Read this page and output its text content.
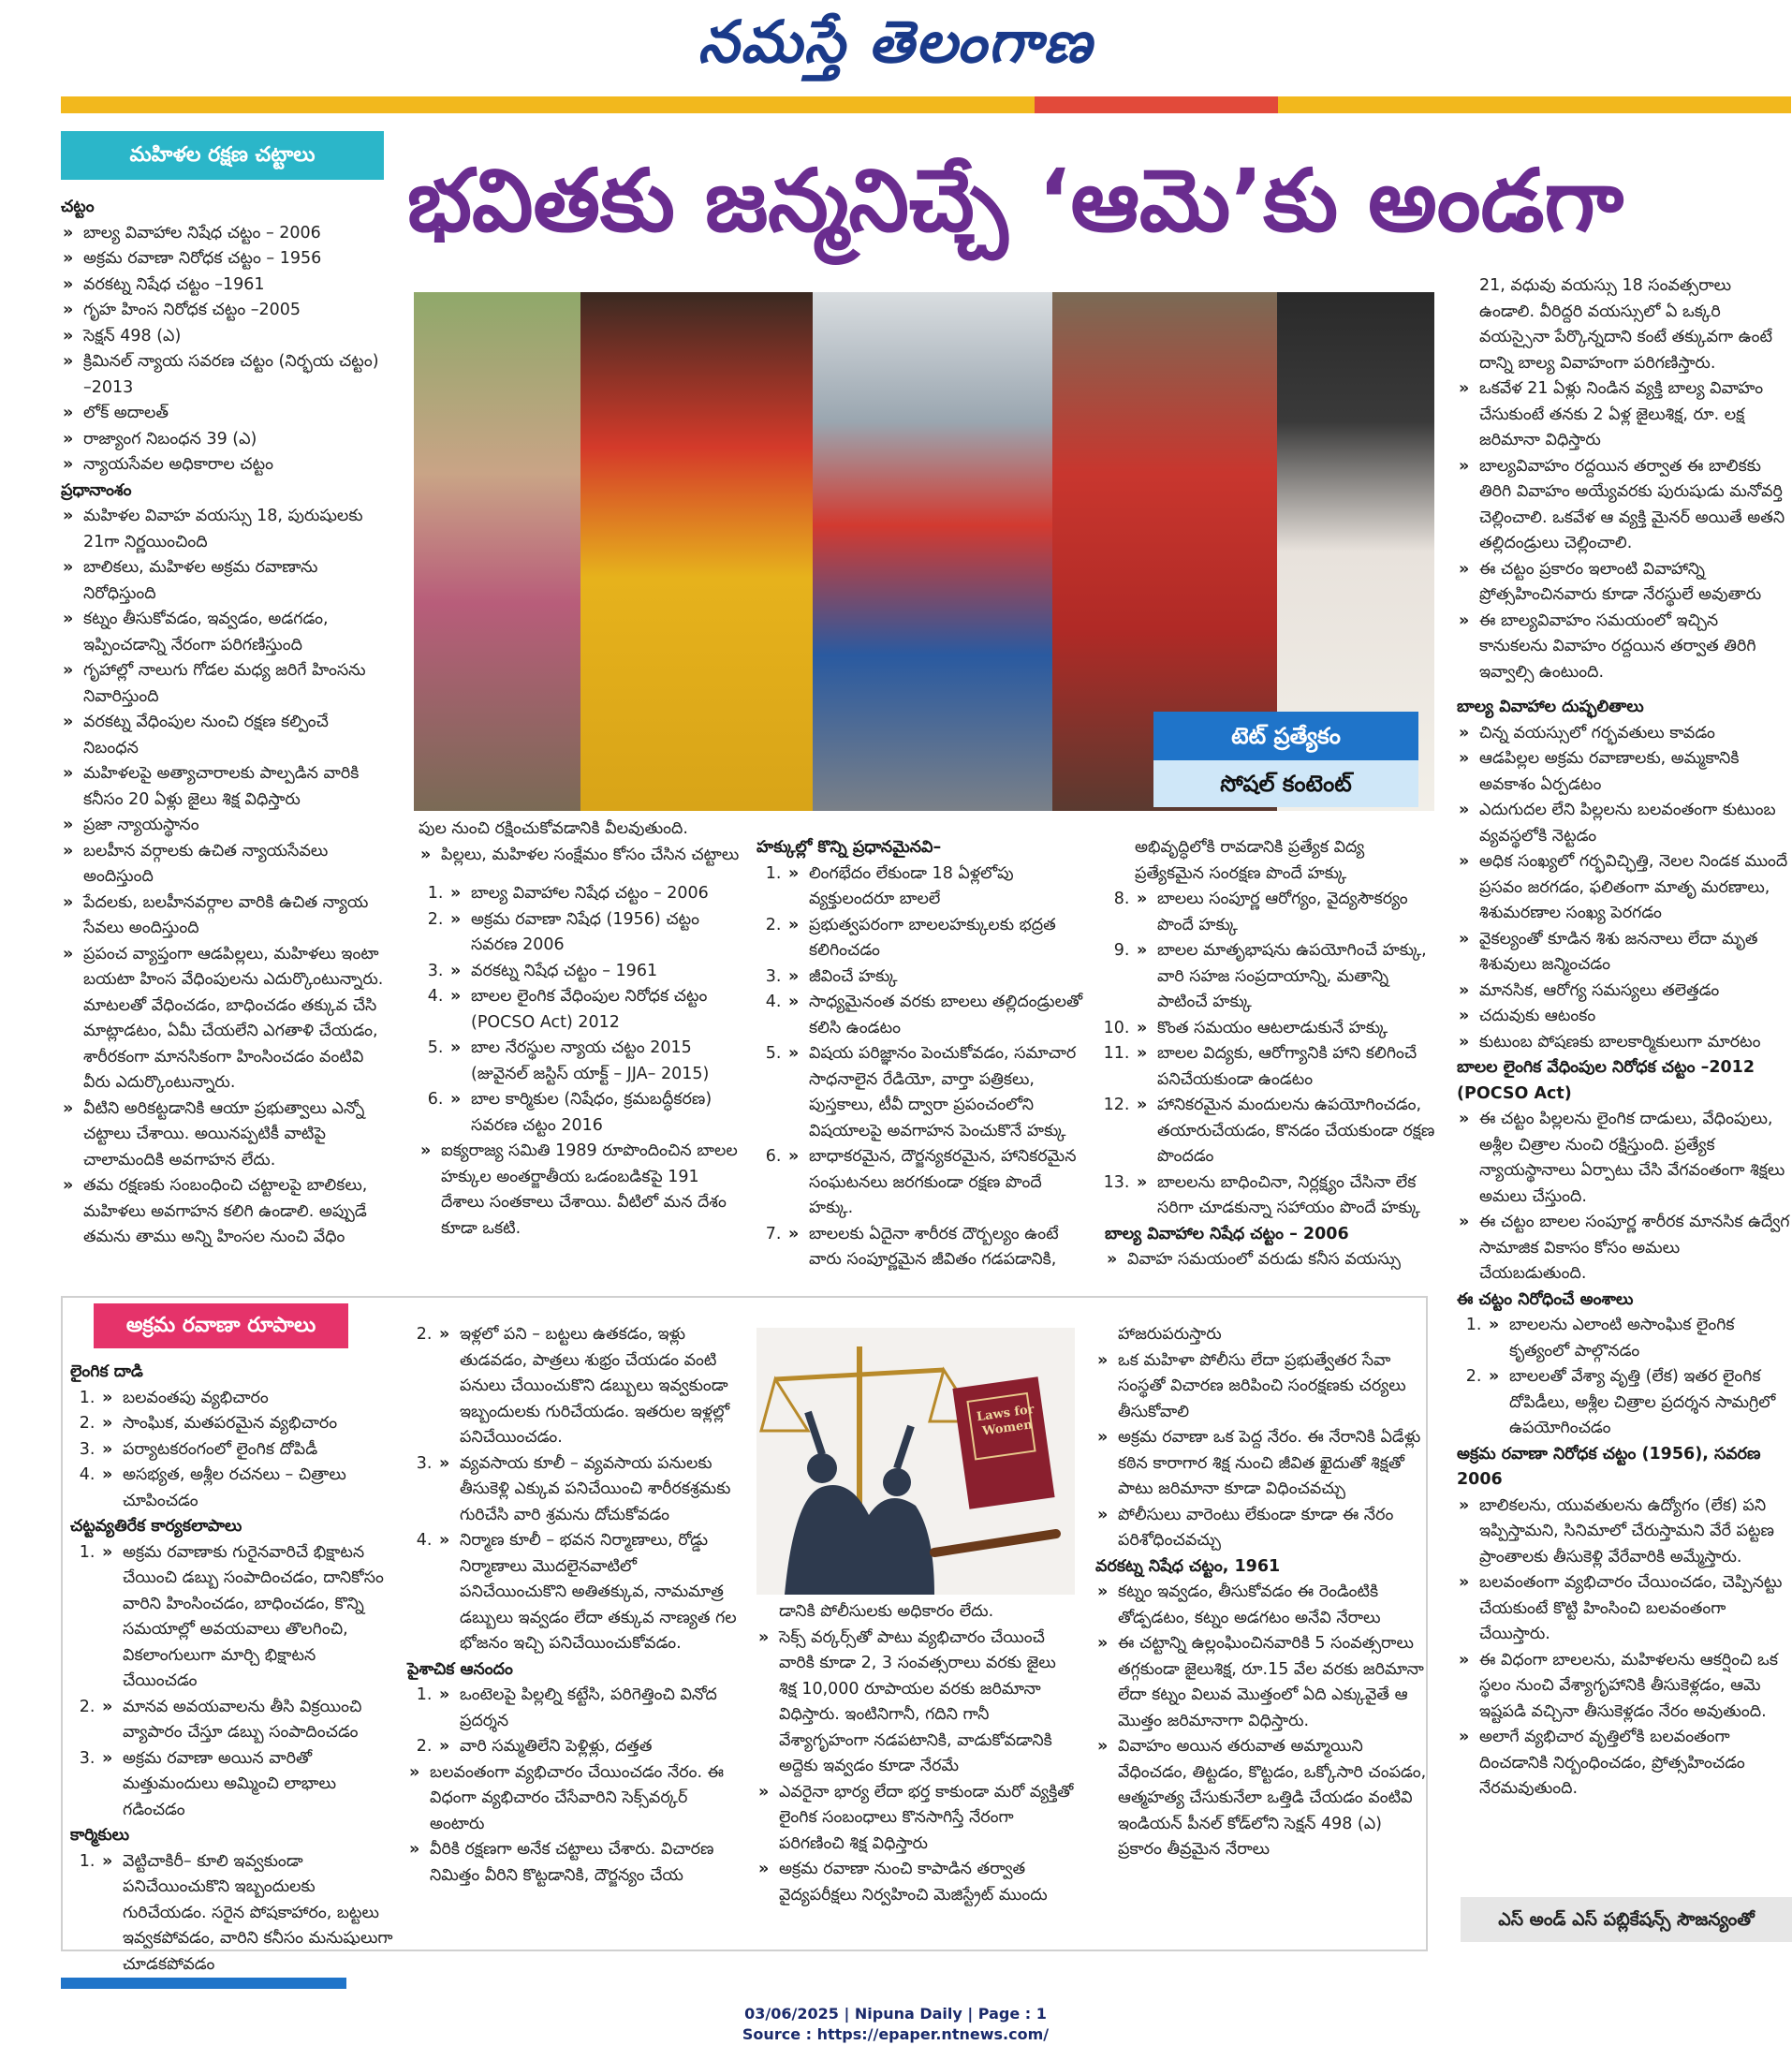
నమస్తే తెలంగాణ
మహిళల రక్షణ చట్టాలు	భవితకు జన్మనిచ్చే ‘ఆమె’కు అండగా
చట్టం
» బాల్య వివాహాల నిషేధ చట్టం – 2006
» అక్రమ రవాణా నిరోధక చట్టం – 1956
» వరకట్న నిషేధ చట్టం –1961
» గృహ హింస నిరోధక చట్టం –2005
» సెక్షన్ 498 (ఎ)
» క్రిమినల్ న్యాయ సవరణ చట్టం (నిర్భయ చట్టం) –2013
» లోక్ అదాలత్
» రాజ్యాంగ నిబంధన 39 (ఎ)
» న్యాయసేవల అధికారాల చట్టం
ప్రధానాంశం
» మహిళల వివాహ వయస్సు 18, పురుషులకు 21గా నిర్ణయించింది
» బాలికలు, మహిళల అక్రమ రవాణాను నిరోధిస్తుంది
» కట్నం తీసుకోవడం, ఇవ్వడం, అడగడం, ఇప్పించడాన్ని నేరంగా పరిగణిస్తుంది
» గృహాల్లో నాలుగు గోడల మధ్య జరిగే హింసను నివారిస్తుంది
» వరకట్న వేధింపుల నుంచి రక్షణ కల్పించే నిబంధన
» మహిళలపై అత్యాచారాలకు పాల్పడిన వారికి కనీసం 20 ఏళ్లు జైలు శిక్ష విధిస్తారు
» ప్రజా న్యాయస్థానం
» బలహీన వర్గాలకు ఉచిత న్యాయసేవలు అందిస్తుంది
» పేదలకు, బలహీనవర్గాల వారికి ఉచిత న్యాయ సేవలు అందిస్తుంది
» ప్రపంచ వ్యాప్తంగా ఆడపిల్లలు, మహిళలు ఇంటా బయటా హింస వేధింపులను ఎదుర్కొంటున్నారు. మాటలతో వేధించడం, బాధించడం తక్కువ చేసి మాట్లాడటం, ఏమీ చేయలేని ఎగతాళి చేయడం, శారీరకంగా మానసికంగా హింసించడం వంటివి వీరు ఎదుర్కొంటున్నారు.
» వీటిని అరికట్టడానికి ఆయా ప్రభుత్వాలు ఎన్నో చట్టాలు చేశాయి. అయినప్పటికీ వాటిపై చాలామందికి అవగాహన లేదు.
» తమ రక్షణకు సంబంధించి చట్టాలపై బాలికలు, మహిళలు అవగాహన కలిగి ఉండాలి. అప్పుడే తమను తాము అన్ని హింసల నుంచి వేధిం
టెట్ ప్రత్యేకం
సోషల్ కంటెంట్

పుల నుంచి రక్షించుకోవడానికి వీలవుతుంది.

» పిల్లలు, మహిళల సంక్షేమం కోసం చేసిన చట్టాలు
» 1. బాల్య వివాహాల నిషేధ చట్టం – 2006
» 2. అక్రమ రవాణా నిషేధ (1956) చట్టం సవరణ 2006
» 3. వరకట్న నిషేధ చట్టం – 1961
» 4. బాలల లైంగిక వేధింపుల నిరోధక చట్టం (POCSO Act) 2012
» 5. బాల నేరస్థుల న్యాయ చట్టం 2015 (జువైనల్ జస్టిస్ యాక్ట్ – JJA– 2015)
» 6. బాల కార్మికుల (నిషేధం, క్రమబద్ధీకరణ) సవరణ చట్టం 2016
» ఐక్యరాజ్య సమితి 1989 రూపొందించిన బాలల హక్కుల అంతర్జాతీయ ఒడంబడికపై 191 దేశాలు సంతకాలు చేశాయి. వీటిలో మన దేశం కూడా ఒకటి.
హక్కుల్లో కొన్ని ప్రధానమైనవి–
» 1. లింగభేదం లేకుండా 18 ఏళ్లలోపు వ్యక్తులందరూ బాలలే
» 2. ప్రభుత్వపరంగా బాలలహక్కులకు భద్రత కలిగించడం
» 3. జీవించే హక్కు
» 4. సాధ్యమైనంత వరకు బాలలు తల్లిదండ్రులతో కలిసి ఉండటం
» 5. విషయ పరిజ్ఞానం పెంచుకోవడం, సమాచార సాధనాలైన రేడియో, వార్తా పత్రికలు, పుస్తకాలు, టీవీ ద్వారా ప్రపంచంలోని విషయాలపై అవగాహన పెంచుకొనే హక్కు
» 6. బాధాకరమైన, దౌర్జన్యకరమైన, హానికరమైన సంఘటనలు జరగకుండా రక్షణ పొందే హక్కు.
» 7. బాలలకు ఏదైనా శారీరక దౌర్బల్యం ఉంటే వారు సంపూర్ణమైన జీవితం గడపడానికి,

అభివృద్ధిలోకి రావడానికి ప్రత్యేక విద్య ప్రత్యేకమైన సంరక్షణ పొందే హక్కు

» 8. బాలలు సంపూర్ణ ఆరోగ్యం, వైద్యసౌకర్యం పొందే హక్కు
» 9. బాలల మాతృభాషను ఉపయోగించే హక్కు, వారి సహజ సంప్రదాయాన్ని, మతాన్ని పాటించే హక్కు
» 10. కొంత సమయం ఆటలాడుకునే హక్కు
» 11. బాలల విద్యకు, ఆరోగ్యానికి హాని కలిగించే పనిచేయకుండా ఉండటం
» 12. హానికరమైన మందులను ఉపయోగించడం, తయారుచేయడం, కొనడం చేయకుండా రక్షణ పొందడం
» 13. బాలలను బాధించినా, నిర్లక్ష్యం చేసినా లేక సరిగా చూడకున్నా సహాయం పొందే హక్కు
బాల్య వివాహాల నిషేధ చట్టం – 2006
» వివాహ సమయంలో వరుడు కనీస వయస్సు

21, వధువు వయస్సు 18 సంవత్సరాలు ఉండాలి. వీరిద్దరి వయస్సులో ఏ ఒక్కరి వయస్సైనా పేర్కొన్నదాని కంటే తక్కువగా ఉంటే దాన్ని బాల్య వివాహంగా పరిగణిస్తారు.

» ఒకవేళ 21 ఏళ్లు నిండిన వ్యక్తి బాల్య వివాహం చేసుకుంటే తనకు 2 ఏళ్ల జైలుశిక్ష, రూ. లక్ష జరిమానా విధిస్తారు
» బాల్యవివాహం రద్దయిన తర్వాత ఈ బాలికకు తిరిగి వివాహం అయ్యేవరకు పురుషుడు మనోవర్తి చెల్లించాలి. ఒకవేళ ఆ వ్యక్తి మైనర్ అయితే అతని తల్లిదండ్రులు చెల్లించాలి.
» ఈ చట్టం ప్రకారం ఇలాంటి వివాహాన్ని ప్రోత్సహించినవారు కూడా నేరస్థులే అవుతారు
» ఈ బాల్యవివాహం సమయంలో ఇచ్చిన కానుకలను వివాహం రద్దయిన తర్వాత తిరిగి ఇవ్వాల్సి ఉంటుంది.
బాల్య వివాహాల దుష్ఫలితాలు
» చిన్న వయస్సులో గర్భవతులు కావడం
» ఆడపిల్లల అక్రమ రవాణాలకు, అమ్మకానికి అవకాశం ఏర్పడటం
» ఎదుగుదల లేని పిల్లలను బలవంతంగా కుటుంబ వ్యవస్థలోకి నెట్టడం
» అధిక సంఖ్యలో గర్భవిచ్ఛిత్తి, నెలల నిండక ముందే ప్రసవం జరగడం, ఫలితంగా మాతృ మరణాలు, శిశుమరణాల సంఖ్య పెరగడం
» వైకల్యంతో కూడిన శిశు జననాలు లేదా మృత శిశువులు జన్మించడం
» మానసిక, ఆరోగ్య సమస్యలు తలెత్తడం
» చదువుకు ఆటంకం
» కుటుంబ పోషణకు బాలకార్మికులుగా మారటం
బాలల లైంగిక వేధింపుల నిరోధక చట్టం –2012 (POCSO Act)
» ఈ చట్టం పిల్లలను లైంగిక దాడులు, వేధింపులు, అశ్లీల చిత్రాల నుంచి రక్షిస్తుంది. ప్రత్యేక న్యాయస్థానాలు ఏర్పాటు చేసి వేగవంతంగా శిక్షలు అమలు చేస్తుంది.
» ఈ చట్టం బాలల సంపూర్ణ శారీరక మానసిక ఉద్వేగ సామాజిక వికాసం కోసం అమలు చేయబడుతుంది.
ఈ చట్టం నిరోధించే అంశాలు
» 1. బాలలను ఎలాంటి అసాంఘిక లైంగిక కృత్యంలో పాల్గొనడం
» 2. బాలలతో వేశ్యా వృత్తి (లేక) ఇతర లైంగిక దోపిడీలు, అశ్లీల చిత్రాల ప్రదర్శన సామగ్రిలో ఉపయోగించడం
అక్రమ రవాణా నిరోధక చట్టం (1956), సవరణ 2006
» బాలికలను, యువతులను ఉద్యోగం (లేక) పని ఇప్పిస్తామని, సినిమాలో చేరుస్తామని వేరే పట్టణ ప్రాంతాలకు తీసుకెళ్లి వేరేవారికి అమ్మేస్తారు.
» బలవంతంగా వ్యభిచారం చేయించడం, చెప్పినట్టు చేయకుంటే కొట్టి హింసించి బలవంతంగా చేయిస్తారు.
» ఈ విధంగా బాలలను, మహిళలను ఆకర్షించి ఒక స్థలం నుంచి వేశ్యాగృహానికి తీసుకెళ్లడం, ఆమె ఇష్టపడి వచ్చినా తీసుకెళ్లడం నేరం అవుతుంది.
» అలాగే వ్యభిచార వృత్తిలోకి బలవంతంగా దించడానికి నిర్బంధించడం, ప్రోత్సహించడం నేరమవుతుంది.
ఎస్ అండ్ ఎస్ పబ్లికేషన్స్ సౌజన్యంతో
అక్రమ రవాణా రూపాలు
లైంగిక దాడి
» 1. బలవంతపు వ్యభిచారం
» 2. సాంఘిక, మతపరమైన వ్యభిచారం
» 3. పర్యాటకరంగంలో లైంగిక దోపిడీ
» 4. అసభ్యత, అశ్లీల రచనలు – చిత్రాలు చూపించడం
చట్టవ్యతిరేక కార్యకలాపాలు
» 1. అక్రమ రవాణాకు గురైనవారిచే భిక్షాటన చేయించి డబ్బు సంపాదించడం, దానికోసం వారిని హింసించడం, బాధించడం, కొన్ని సమయాల్లో అవయవాలు తొలగించి, వికలాంగులుగా మార్చి భిక్షాటన చేయించడం
» 2. మానవ అవయవాలను తీసి విక్రయించి వ్యాపారం చేస్తూ డబ్బు సంపాదించడం
» 3. అక్రమ రవాణా అయిన వారితో మత్తుమందులు అమ్మించి లాభాలు గడించడం
కార్మికులు
» 1. వెట్టిచాకిరీ– కూలి ఇవ్వకుండా పనిచేయించుకొని ఇబ్బందులకు గురిచేయడం. సరైన పోషకాహారం, బట్టలు ఇవ్వకపోవడం, వారిని కనీసం మనుషులుగా చూడకపోవడం
» 2. ఇళ్లలో పని – బట్టలు ఉతకడం, ఇళ్లు తుడవడం, పాత్రలు శుభ్రం చేయడం వంటి పనులు చేయించుకొని డబ్బులు ఇవ్వకుండా ఇబ్బందులకు గురిచేయడం. ఇతరుల ఇళ్లల్లో పనిచేయించడం.
» 3. వ్యవసాయ కూలీ – వ్యవసాయ పనులకు తీసుకెళ్లి ఎక్కువ పనిచేయించి శారీరకశ్రమకు గురిచేసి వారి శ్రమను దోచుకోవడం
» 4. నిర్మాణ కూలీ – భవన నిర్మాణాలు, రోడ్డు నిర్మాణాలు మొదలైనవాటిలో పనిచేయించుకొని అతితక్కువ, నామమాత్ర డబ్బులు ఇవ్వడం లేదా తక్కువ నాణ్యత గల భోజనం ఇచ్చి పనిచేయించుకోవడం.
పైశాచిక ఆనందం
» 1. ఒంటెలపై పిల్లల్ని కట్టేసి, పరిగెత్తించి వినోద ప్రదర్శన
» 2. వారి సమ్మతిలేని పెళ్లిళ్లు, దత్తత
» బలవంతంగా వ్యభిచారం చేయించడం నేరం. ఈ విధంగా వ్యభిచారం చేసేవారిని సెక్స్‌వర్కర్ అంటారు
» వీరికి రక్షణగా అనేక చట్టాలు చేశారు. విచారణ నిమిత్తం వీరిని కొట్టడానికి, దౌర్జన్యం చేయ
Laws for Women

డానికి పోలీసులకు అధికారం లేదు.

» సెక్స్ వర్కర్స్‌తో పాటు వ్యభిచారం చేయించే వారికి కూడా 2, 3 సంవత్సరాలు వరకు జైలు శిక్ష 10,000 రూపాయల వరకు జరిమానా విధిస్తారు. ఇంటినిగానీ, గదిని గానీ వేశ్యాగృహంగా నడపటానికి, వాడుకోవడానికి అద్దెకు ఇవ్వడం కూడా నేరమే
» ఎవరైనా భార్య లేదా భర్త కాకుండా మరో వ్యక్తితో లైంగిక సంబంధాలు కొనసాగిస్తే నేరంగా పరిగణించి శిక్ష విధిస్తారు
» అక్రమ రవాణా నుంచి కాపాడిన తర్వాత వైద్యపరీక్షలు నిర్వహించి మెజిస్ట్రేట్ ముందు

హాజరుపరుస్తారు

» ఒక మహిళా పోలీసు లేదా ప్రభుత్వేతర సేవా సంస్థతో విచారణ జరిపించి సంరక్షణకు చర్యలు తీసుకోవాలి
» అక్రమ రవాణా ఒక పెద్ద నేరం. ఈ నేరానికి ఏడేళ్లు కఠిన కారాగార శిక్ష నుంచి జీవిత ఖైదుతో శిక్షతో పాటు జరిమానా కూడా విధించవచ్చు
» పోలీసులు వారెంటు లేకుండా కూడా ఈ నేరం పరిశోధించవచ్చు
వరకట్న నిషేధ చట్టం, 1961
» కట్నం ఇవ్వడం, తీసుకోవడం ఈ రెండింటికి తోడ్పడటం, కట్నం అడగటం అనేవి నేరాలు
» ఈ చట్టాన్ని ఉల్లంఘించినవారికి 5 సంవత్సరాలు తగ్గకుండా జైలుశిక్ష, రూ.15 వేల వరకు జరిమానా లేదా కట్నం విలువ మొత్తంలో ఏది ఎక్కువైతే ఆ మొత్తం జరిమానాగా విధిస్తారు.
» వివాహం అయిన తరువాత అమ్మాయిని వేధించడం, తిట్టడం, కొట్టడం, ఒక్కోసారి చంపడం, ఆత్మహత్య చేసుకునేలా ఒత్తిడి చేయడం వంటివి ఇండియన్ పీనల్ కోడ్‌లోని సెక్షన్ 498 (ఎ) ప్రకారం తీవ్రమైన నేరాలు
03/06/2025 | Nipuna Daily | Page : 1
Source : https://epaper.ntnews.com/
